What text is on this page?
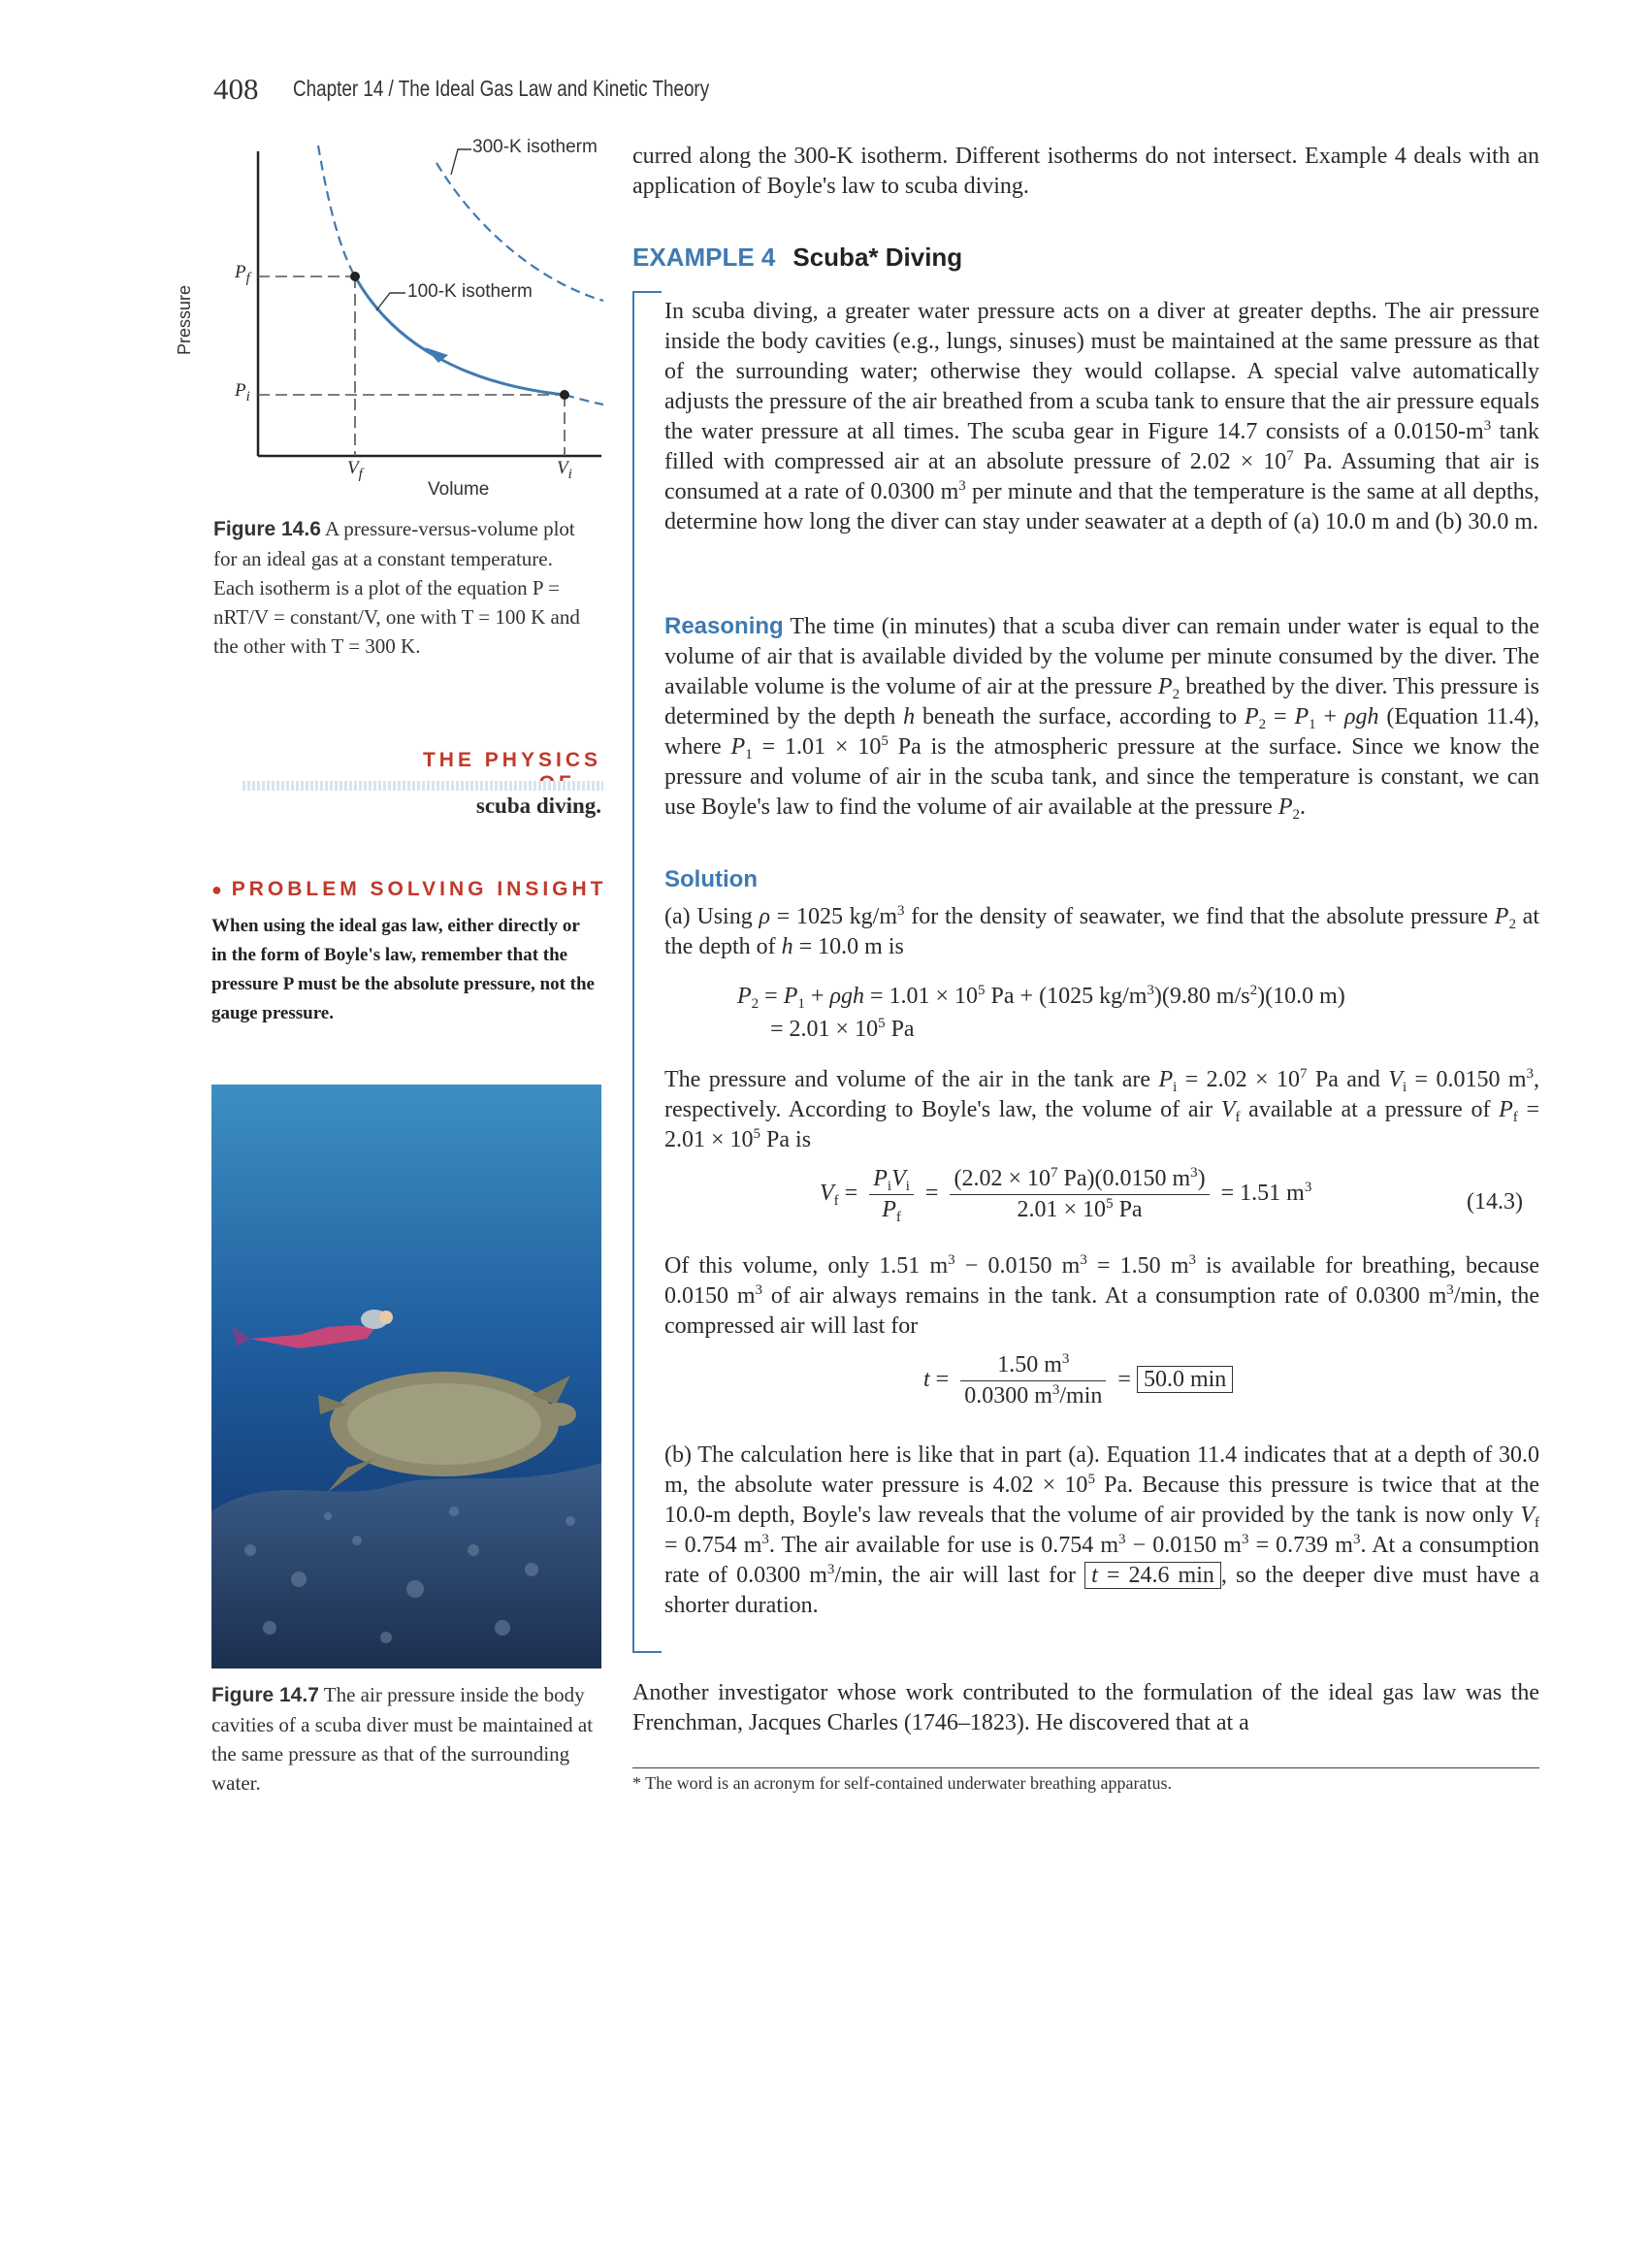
408 Chapter 14 / The Ideal Gas Law and Kinetic Theory
300-K isotherm
100-K isotherm
Pressure
Volume
$P_f$
$P_i$
$V_f$	$V_i$
Figure 14.6 A pressure-versus-volume plot for an ideal gas at a constant temperature. Each isotherm is a plot of the equation P = nRT/V = constant/V, one with T = 100 K and the other with T = 300 K.
THE PHYSICS
scuba diving.
● PROBLEM SOLVING INSIGHT
When using the ideal gas law, either directly or in the form of Boyle's law, remember that the pressure P must be the absolute pressure, not the gauge pressure.
Figure 14.7 The air pressure inside the body cavities of a scuba diver must be maintained at the same pressure as that of the surrounding water.
curred along the 300-K isotherm. Different isotherms do not intersect. Example 4 deals with an application of Boyle's law to scuba diving.
EXAMPLE 4 Scuba* Diving
In scuba diving, a greater water pressure acts on a diver at greater depths. The air pressure inside the body cavities (e.g., lungs, sinuses) must be maintained at the same pressure as that of the surrounding water; otherwise they would collapse. A special valve automatically adjusts the pressure of the air breathed from a scuba tank to ensure that the air pressure equals the water pressure at all times. The scuba gear in Figure 14.7 consists of a $0.0150-m^3$ tank filled with compressed air at an absolute pressure of $2.02 \times 10^7$ Pa. Assuming that air is consumed at a rate of 0.0300 $m^3$ per minute and that the temperature is the same at all depths, determine how long the diver can stay under seawater at a depth of (a) 10.0 m and (b) 30.0 m.
Reasoning The time (in minutes) that a scuba diver can remain under water is equal to the volume of air that is available divided by the volume per minute consumed by the diver. The available volume is the volume of air at the pressure $P_2$ breathed by the diver. This pressure is determined by the depth h beneath the surface, according to $P_2 = P_1 + \rho gh$ (Equation 11.4), where $P_1 = 1.01 \times 10^5$ Pa is the atmospheric pressure at the surface. Since we know the pressure and volume of air in the scuba tank, and since the temperature is constant, we can use Boyle's law to find the volume of air available at the pressure $P_2$.
Solution
(a) Using ρ = 1025 $kg/m^3$ for the density of seawater, we find that the absolute pressure $P_2$ at the depth of h = 10.0 m is
$P_2 = P_1 + \rho gh = 1.01 \times 10^5$ Pa + (1025 $kg/m^3)(9.80$ $m/s^2)(10.0$ m)
= $2.01 \times 10^5$ Pa
The pressure and volume of the air in the tank are $P_i = 2.02 \times 10^7$ Pa and $V_i = 0.0150$ $m^3$, respectively. According to Boyle's law, the volume of air $V_f$ available at a pressure of $P_f = 2.01 \times 10^5$ Pa is
$V_f = \frac{P_iV_i}{P_f} = \frac{(2.02 \times 10^7 Pa)(0.0150 m^3)}{2.01 \times 10^5 Pa} = 1.51$ $m^3$
(14.3)
Of this volume, only 1.51 $m^3 - 0.0150$ $m^3 = 1.50$ $m^3$ is available for breathing, because 0.0150 $m^3$ of air always remains in the tank. At a consumption rate of 0.0300 $m^3/\min$, the compressed air will last for
$t = \frac{1.50 m^3}{0.0300 m^3/\min} = 50.0$ min
(b) The calculation here is like that in part (a). Equation 11.4 indicates that at a depth of 30.0 m, the absolute water pressure is $4.02 \times 10^5$ Pa. Because this pressure is twice that at the 10.0-m depth, Boyle's law reveals that the volume of air provided by the tank is now only $V_f = 0.754$ $m^3$. The air available for use is 0.754 $m^3 - 0.0150$ $m^3 = 0.739$ $m^3$. At a consumption rate of 0.0300 $m^3/\min$, the air will last for t = 24.6 min , so the deeper dive must have a shorter duration.
Another investigator whose work contributed to the formulation of the ideal gas law was the Frenchman, Jacques Charles (1746–1823). He discovered that at a
* The word is an acronym for self-contained underwater breathing apparatus.
